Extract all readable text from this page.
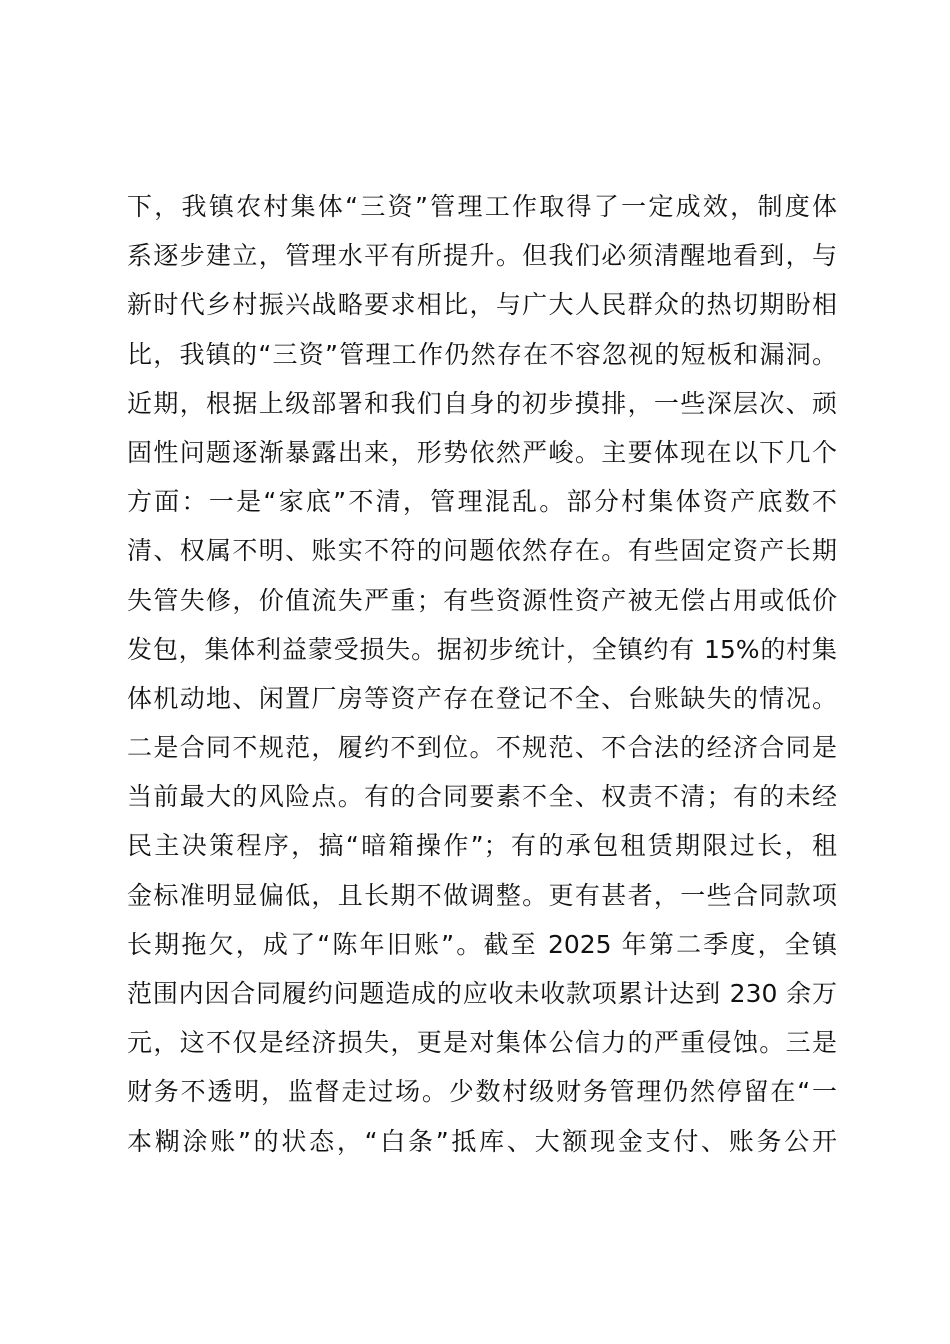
下，我镇农村集体“三资”管理工作取得了一定成效，制度体
系逐步建立，管理水平有所提升。但我们必须清醒地看到，与
新时代乡村振兴战略要求相比，与广大人民群众的热切期盼相
比，我镇的“三资”管理工作仍然存在不容忽视的短板和漏洞。
近期，根据上级部署和我们自身的初步摸排，一些深层次、顽
固性问题逐渐暴露出来，形势依然严峻。主要体现在以下几个
方面：一是“家底”不清，管理混乱。部分村集体资产底数不
清、权属不明、账实不符的问题依然存在。有些固定资产长期
失管失修，价值流失严重；有些资源性资产被无偿占用或低价
发包，集体利益蒙受损失。据初步统计，全镇约有 15%的村集
体机动地、闲置厂房等资产存在登记不全、台账缺失的情况。
二是合同不规范，履约不到位。不规范、不合法的经济合同是
当前最大的风险点。有的合同要素不全、权责不清；有的未经
民主决策程序，搞“暗箱操作”；有的承包租赁期限过长，租
金标准明显偏低，且长期不做调整。更有甚者，一些合同款项
长期拖欠，成了“陈年旧账”。截至 2025 年第二季度，全镇
范围内因合同履约问题造成的应收未收款项累计达到 230 余万
元，这不仅是经济损失，更是对集体公信力的严重侵蚀。三是
财务不透明，监督走过场。少数村级财务管理仍然停留在“一
本糊涂账”的状态，“白条”抵库、大额现金支付、账务公开
